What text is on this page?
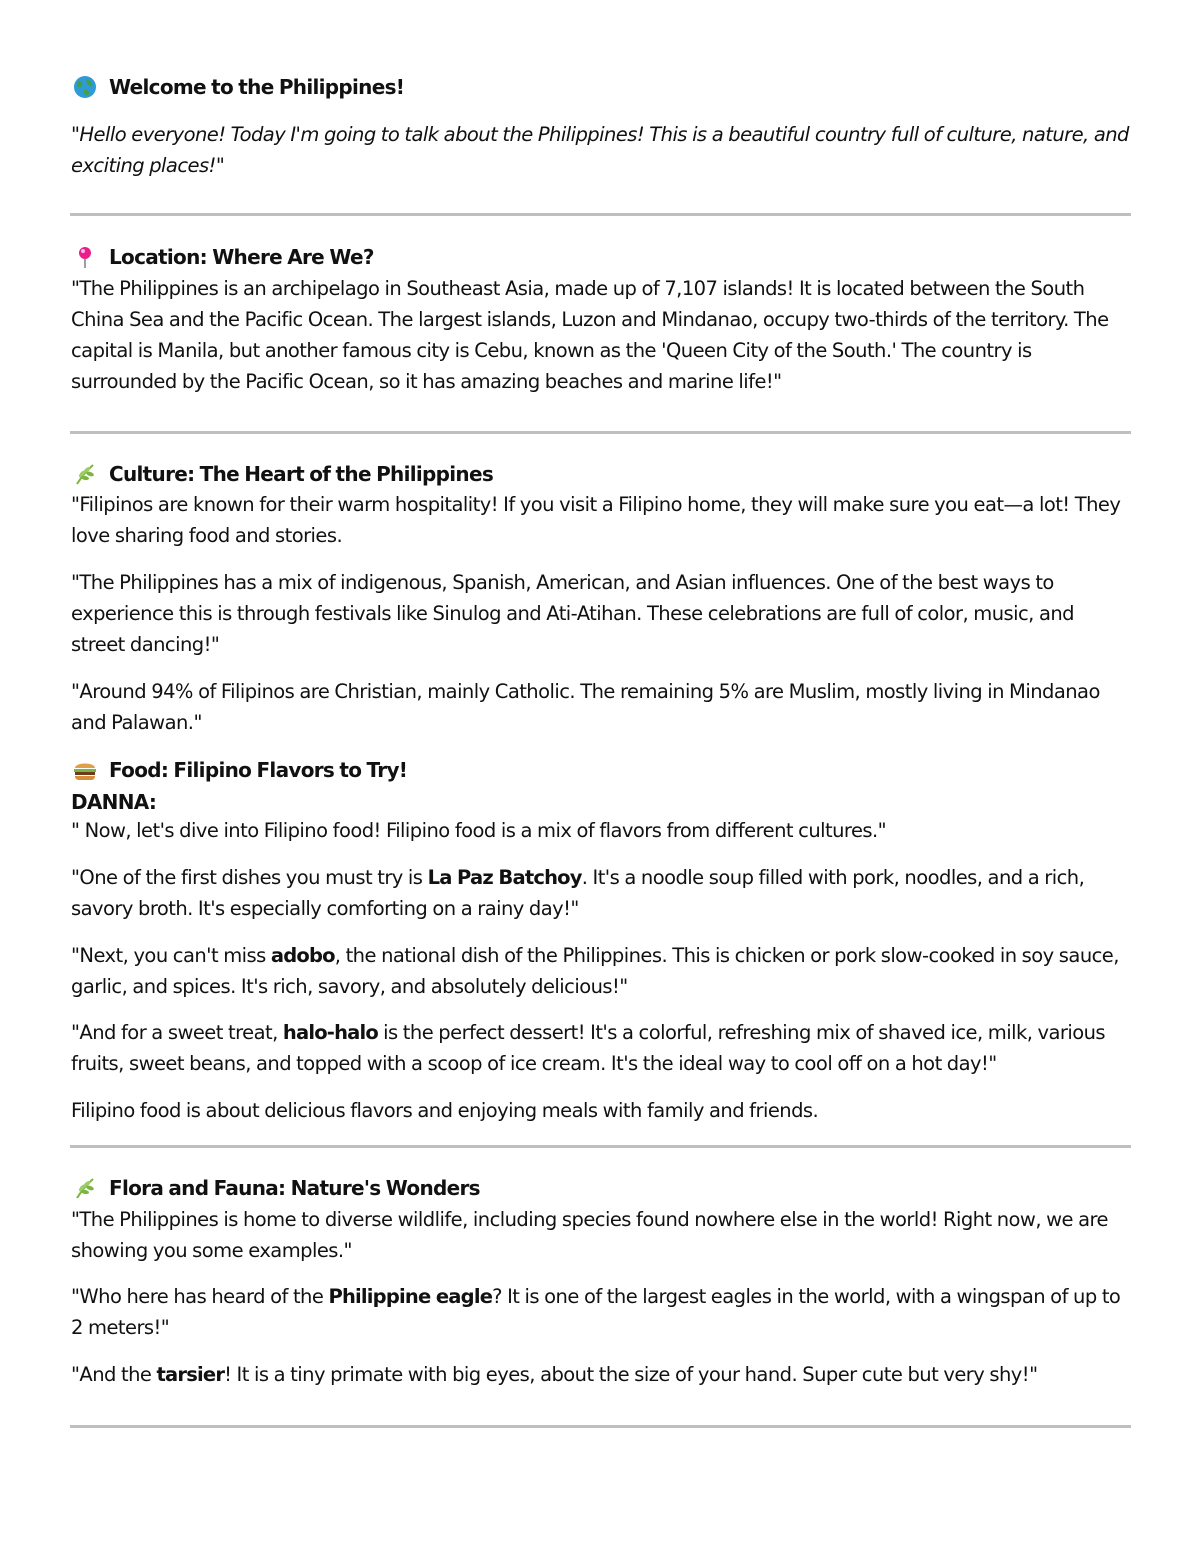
Welcome to the Philippines!

"Hello everyone! Today I'm going to talk about the Philippines! This is a beautiful country full of culture, nature, and exciting places!"

Location: Where Are We?

"The Philippines is an archipelago in Southeast Asia, made up of 7,107 islands! It is located between the South China Sea and the Pacific Ocean. The largest islands, Luzon and Mindanao, occupy two-thirds of the territory. The capital is Manila, but another famous city is Cebu, known as the 'Queen City of the South.' The country is surrounded by the Pacific Ocean, so it has amazing beaches and marine life!"

Culture: The Heart of the Philippines

"Filipinos are known for their warm hospitality! If you visit a Filipino home, they will make sure you eat—a lot! They love sharing food and stories.

"The Philippines has a mix of indigenous, Spanish, American, and Asian influences. One of the best ways to experience this is through festivals like Sinulog and Ati-Atihan. These celebrations are full of color, music, and street dancing!"

"Around 94% of Filipinos are Christian, mainly Catholic. The remaining 5% are Muslim, mostly living in Mindanao and Palawan."

Food: Filipino Flavors to Try!
DANNA:

" Now, let's dive into Filipino food! Filipino food is a mix of flavors from different cultures."

"One of the first dishes you must try is La Paz Batchoy. It's a noodle soup filled with pork, noodles, and a rich, savory broth. It's especially comforting on a rainy day!"

"Next, you can't miss adobo, the national dish of the Philippines. This is chicken or pork slow-cooked in soy sauce, garlic, and spices. It's rich, savory, and absolutely delicious!"

"And for a sweet treat, halo-halo is the perfect dessert! It's a colorful, refreshing mix of shaved ice, milk, various fruits, sweet beans, and topped with a scoop of ice cream. It's the ideal way to cool off on a hot day!"

Filipino food is about delicious flavors and enjoying meals with family and friends.

Flora and Fauna: Nature's Wonders

"The Philippines is home to diverse wildlife, including species found nowhere else in the world! Right now, we are showing you some examples."

"Who here has heard of the Philippine eagle? It is one of the largest eagles in the world, with a wingspan of up to 2 meters!"

"And the tarsier! It is a tiny primate with big eyes, about the size of your hand. Super cute but very shy!"
